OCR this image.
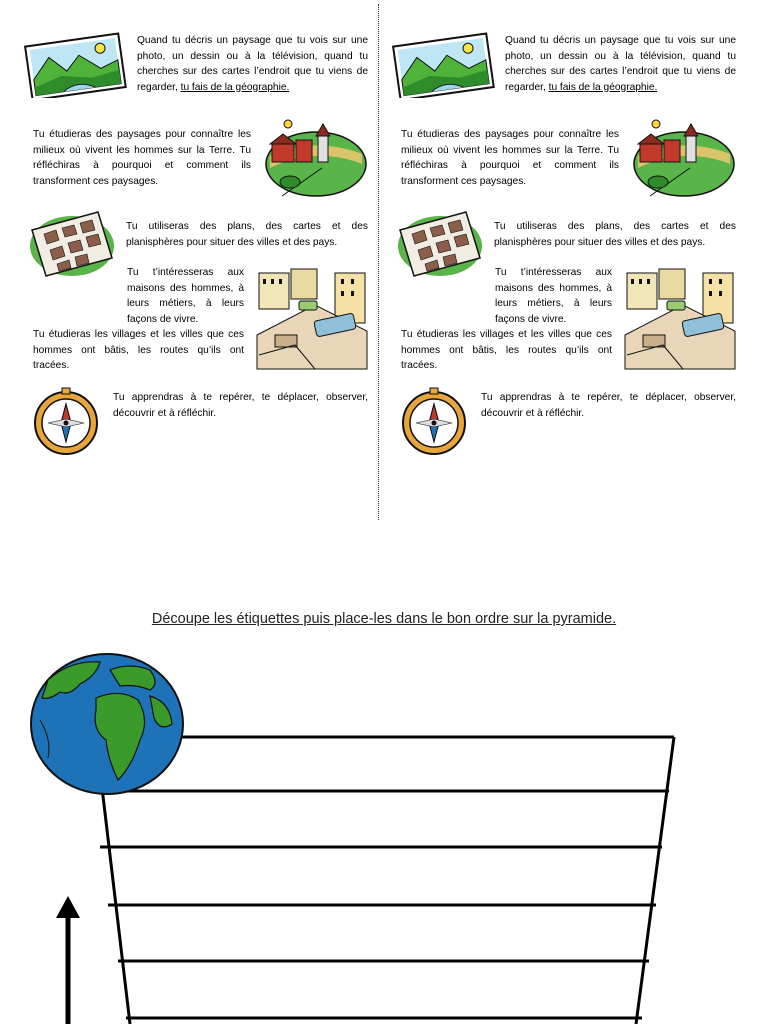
Quand tu décris un paysage que tu vois sur une photo, un dessin ou à la télévision, quand tu cherches sur des cartes l’endroit que tu viens de regarder, tu fais de la géographie.
Tu étudieras des paysages pour connaître les milieux où vivent les hommes sur la Terre. Tu réfléchiras à pourquoi et comment ils transforment ces paysages.
Tu utiliseras des plans, des cartes et des planisphères pour situer des villes et des pays.
Tu t’intéresseras aux maisons des hommes, à leurs métiers, à leurs façons de vivre.
Tu étudieras les villages et les villes que ces hommes ont bâtis, les routes qu’ils ont tracées.
Tu apprendras à te repérer, te déplacer, observer, découvrir et à réfléchir.
Quand tu décris un paysage que tu vois sur une photo, un dessin ou à la télévision, quand tu cherches sur des cartes l’endroit que tu viens de regarder, tu fais de la géographie.
Tu étudieras des paysages pour connaître les milieux où vivent les hommes sur la Terre. Tu réfléchiras à pourquoi et comment ils transforment ces paysages.
Tu utiliseras des plans, des cartes et des planisphères pour situer des villes et des pays.
Tu t’intéresseras aux maisons des hommes, à leurs métiers, à leurs façons de vivre.
Tu étudieras les villages et les villes que ces hommes ont bâtis, les routes qu’ils ont tracées.
Tu apprendras à te repérer, te déplacer, observer, découvrir et à réfléchir.
Découpe les étiquettes puis place-les dans le bon ordre sur la pyramide.
